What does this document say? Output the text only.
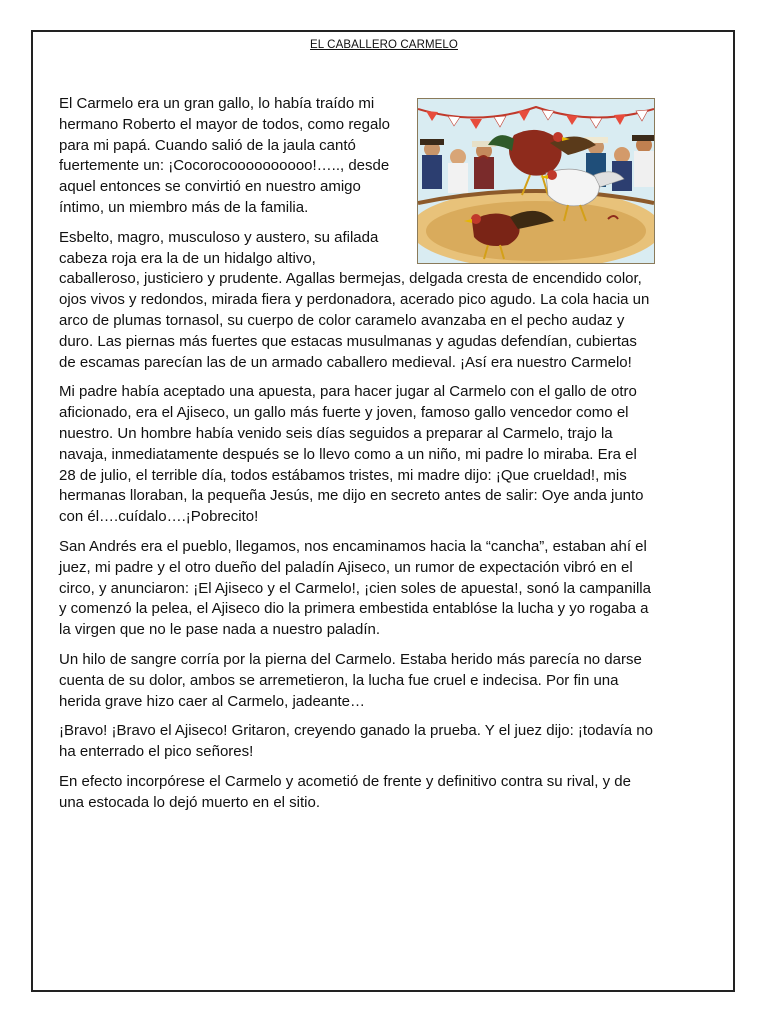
EL CABALLERO CARMELO

El Carmelo era un gran gallo, lo había traído mi hermano Roberto el mayor de todos, como regalo para mi papá. Cuando salió de la jaula cantó fuertemente un: ¡Cocorocoooooooooo!….., desde aquel entonces se convirtió en nuestro amigo íntimo, un miembro más de la familia.

Esbelto, magro, musculoso y austero, su afilada cabeza roja era la de un hidalgo altivo, caballeroso, justiciero y prudente. Agallas bermejas, delgada cresta de encendido color, ojos vivos y redondos, mirada fiera y perdonadora, acerado pico agudo. La cola hacia un arco de plumas tornasol, su cuerpo de color caramelo avanzaba en el pecho audaz y duro. Las piernas más fuertes que estacas musulmanas y agudas defendían, cubiertas de escamas parecían las de un armado caballero medieval. ¡Así era nuestro Carmelo!

Mi padre había aceptado una apuesta, para hacer jugar al Carmelo con el gallo de otro aficionado, era el Ajiseco, un gallo más fuerte y joven, famoso gallo vencedor como el nuestro. Un hombre había venido seis días seguidos a preparar al Carmelo, trajo la navaja, inmediatamente después se lo llevo como a un niño, mi padre lo miraba. Era el 28 de julio, el terrible día, todos estábamos tristes, mi madre dijo: ¡Que crueldad!, mis hermanas lloraban, la pequeña Jesús, me dijo en secreto antes de salir: Oye anda junto con él….cuídalo….¡Pobrecito!

San Andrés era el pueblo, llegamos, nos encaminamos hacia la “cancha”, estaban ahí el juez, mi padre y el otro dueño del paladín Ajiseco, un rumor de expectación vibró en el circo, y anunciaron: ¡El Ajiseco y el Carmelo!, ¡cien soles de apuesta!, sonó la campanilla y comenzó la pelea, el Ajiseco dio la primera embestida entablóse la lucha y yo rogaba a la virgen que no le pase nada a nuestro paladín.

Un hilo de sangre corría por la pierna del Carmelo. Estaba herido más parecía no darse cuenta de su dolor, ambos se arremetieron, la lucha fue cruel e indecisa. Por fin una herida grave hizo caer al Carmelo, jadeante…

¡Bravo! ¡Bravo el Ajiseco! Gritaron, creyendo ganado la prueba. Y el juez dijo: ¡todavía no ha enterrado el pico señores!

En efecto incorpórese el Carmelo y acometió de frente y definitivo contra su rival, y de una estocada lo dejó muerto en el sitio.
